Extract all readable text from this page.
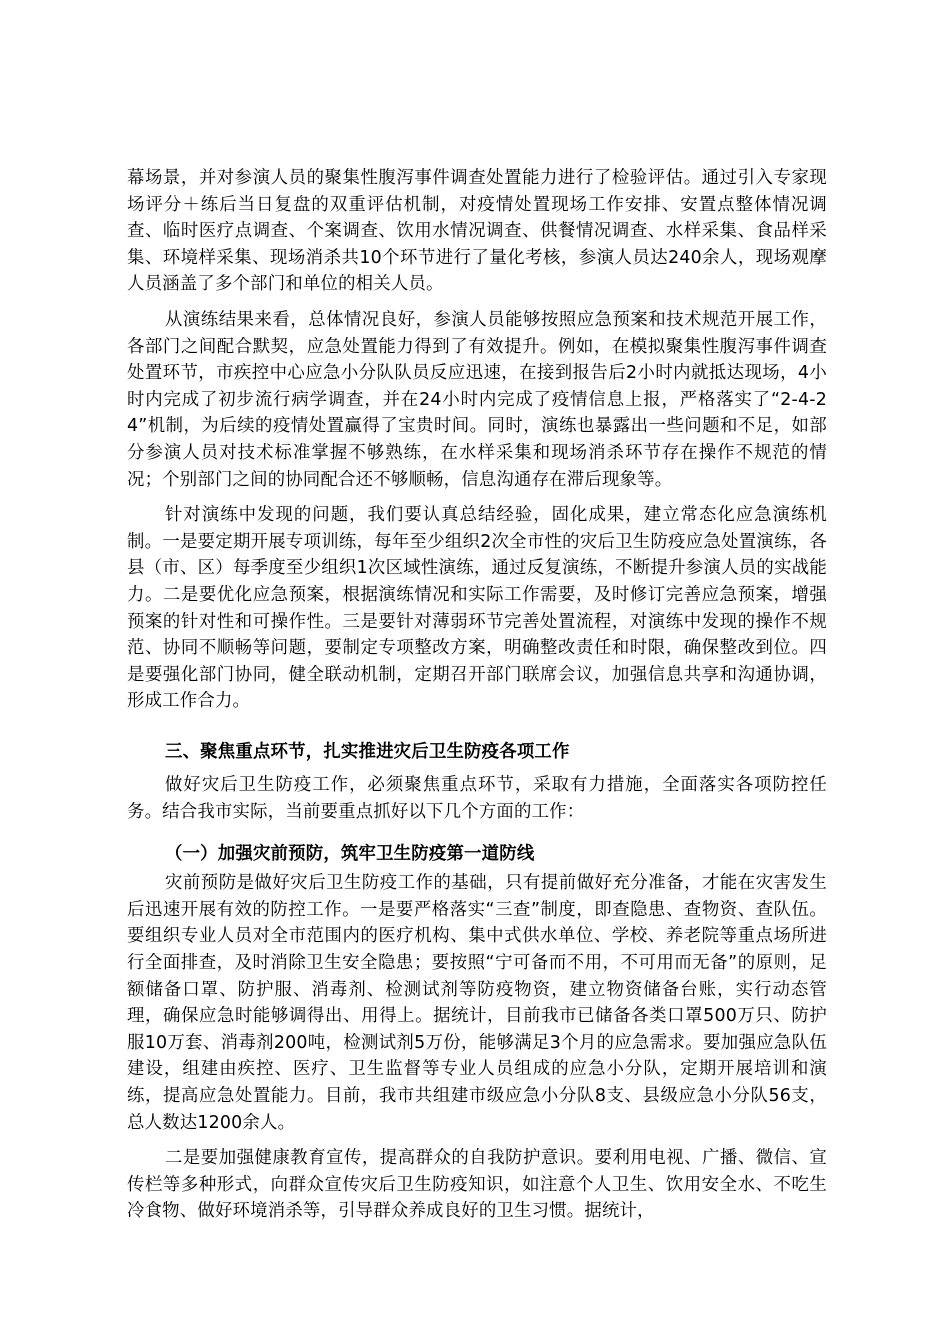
幕场景，并对参演人员的聚集性腹泻事件调查处置能力进行了检验评估。通过引入专家现场评分＋练后当日复盘的双重评估机制，对疫情处置现场工作安排、安置点整体情况调查、临时医疗点调查、个案调查、饮用水情况调查、供餐情况调查、水样采集、食品样采集、环境样采集、现场消杀共10个环节进行了量化考核，参演人员达240余人，现场观摩人员涵盖了多个部门和单位的相关人员。

从演练结果来看，总体情况良好，参演人员能够按照应急预案和技术规范开展工作，各部门之间配合默契，应急处置能力得到了有效提升。例如，在模拟聚集性腹泻事件调查处置环节，市疾控中心应急小分队队员反应迅速，在接到报告后2小时内就抵达现场，4小时内完成了初步流行病学调查，并在24小时内完成了疫情信息上报，严格落实了“2-4-24”机制，为后续的疫情处置赢得了宝贵时间。同时，演练也暴露出一些问题和不足，如部分参演人员对技术标准掌握不够熟练，在水样采集和现场消杀环节存在操作不规范的情况；个别部门之间的协同配合还不够顺畅，信息沟通存在滞后现象等。

针对演练中发现的问题，我们要认真总结经验，固化成果，建立常态化应急演练机制。一是要定期开展专项训练，每年至少组织2次全市性的灾后卫生防疫应急处置演练，各县（市、区）每季度至少组织1次区域性演练，通过反复演练，不断提升参演人员的实战能力。二是要优化应急预案，根据演练情况和实际工作需要，及时修订完善应急预案，增强预案的针对性和可操作性。三是要针对薄弱环节完善处置流程，对演练中发现的操作不规范、协同不顺畅等问题，要制定专项整改方案，明确整改责任和时限，确保整改到位。四是要强化部门协同，健全联动机制，定期召开部门联席会议，加强信息共享和沟通协调，形成工作合力。

三、聚焦重点环节，扎实推进灾后卫生防疫各项工作

做好灾后卫生防疫工作，必须聚焦重点环节，采取有力措施，全面落实各项防控任务。结合我市实际，当前要重点抓好以下几个方面的工作：

（一）加强灾前预防，筑牢卫生防疫第一道防线

灾前预防是做好灾后卫生防疫工作的基础，只有提前做好充分准备，才能在灾害发生后迅速开展有效的防控工作。一是要严格落实“三查”制度，即查隐患、查物资、查队伍。要组织专业人员对全市范围内的医疗机构、集中式供水单位、学校、养老院等重点场所进行全面排查，及时消除卫生安全隐患；要按照“宁可备而不用，不可用而无备”的原则，足额储备口罩、防护服、消毒剂、检测试剂等防疫物资，建立物资储备台账，实行动态管理，确保应急时能够调得出、用得上。据统计，目前我市已储备各类口罩500万只、防护服10万套、消毒剂200吨，检测试剂5万份，能够满足3个月的应急需求。要加强应急队伍建设，组建由疾控、医疗、卫生监督等专业人员组成的应急小分队，定期开展培训和演练，提高应急处置能力。目前，我市共组建市级应急小分队8支、县级应急小分队56支，总人数达1200余人。

二是要加强健康教育宣传，提高群众的自我防护意识。要利用电视、广播、微信、宣传栏等多种形式，向群众宣传灾后卫生防疫知识，如注意个人卫生、饮用安全水、不吃生冷食物、做好环境消杀等，引导群众养成良好的卫生习惯。据统计，
